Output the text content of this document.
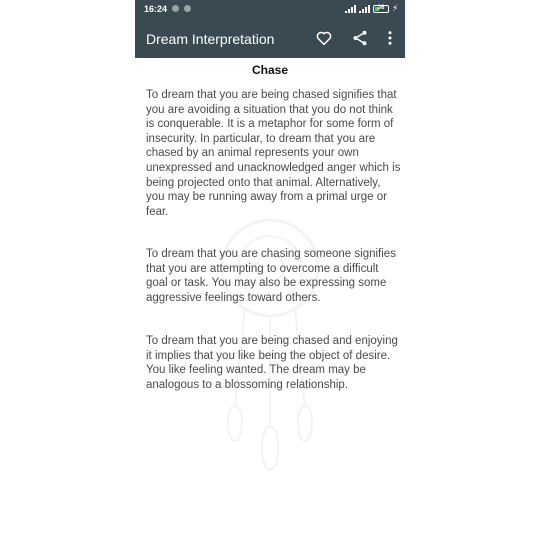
16:24	36 ⚡
Dream Interpretation
Chase

To dream that you are being chased signifies that you are avoiding a situation that you do not think is conquerable. It is a metaphor for some form of insecurity. In particular, to dream that you are chased by an animal represents your own unexpressed and unacknowledged anger which is being projected onto that animal. Alternatively, you may be running away from a primal urge or fear.

To dream that you are chasing someone signifies that you are attempting to overcome a difficult goal or task. You may also be expressing some aggressive feelings toward others.

To dream that you are being chased and enjoying it implies that you like being the object of desire. You like feeling wanted. The dream may be analogous to a blossoming relationship.
